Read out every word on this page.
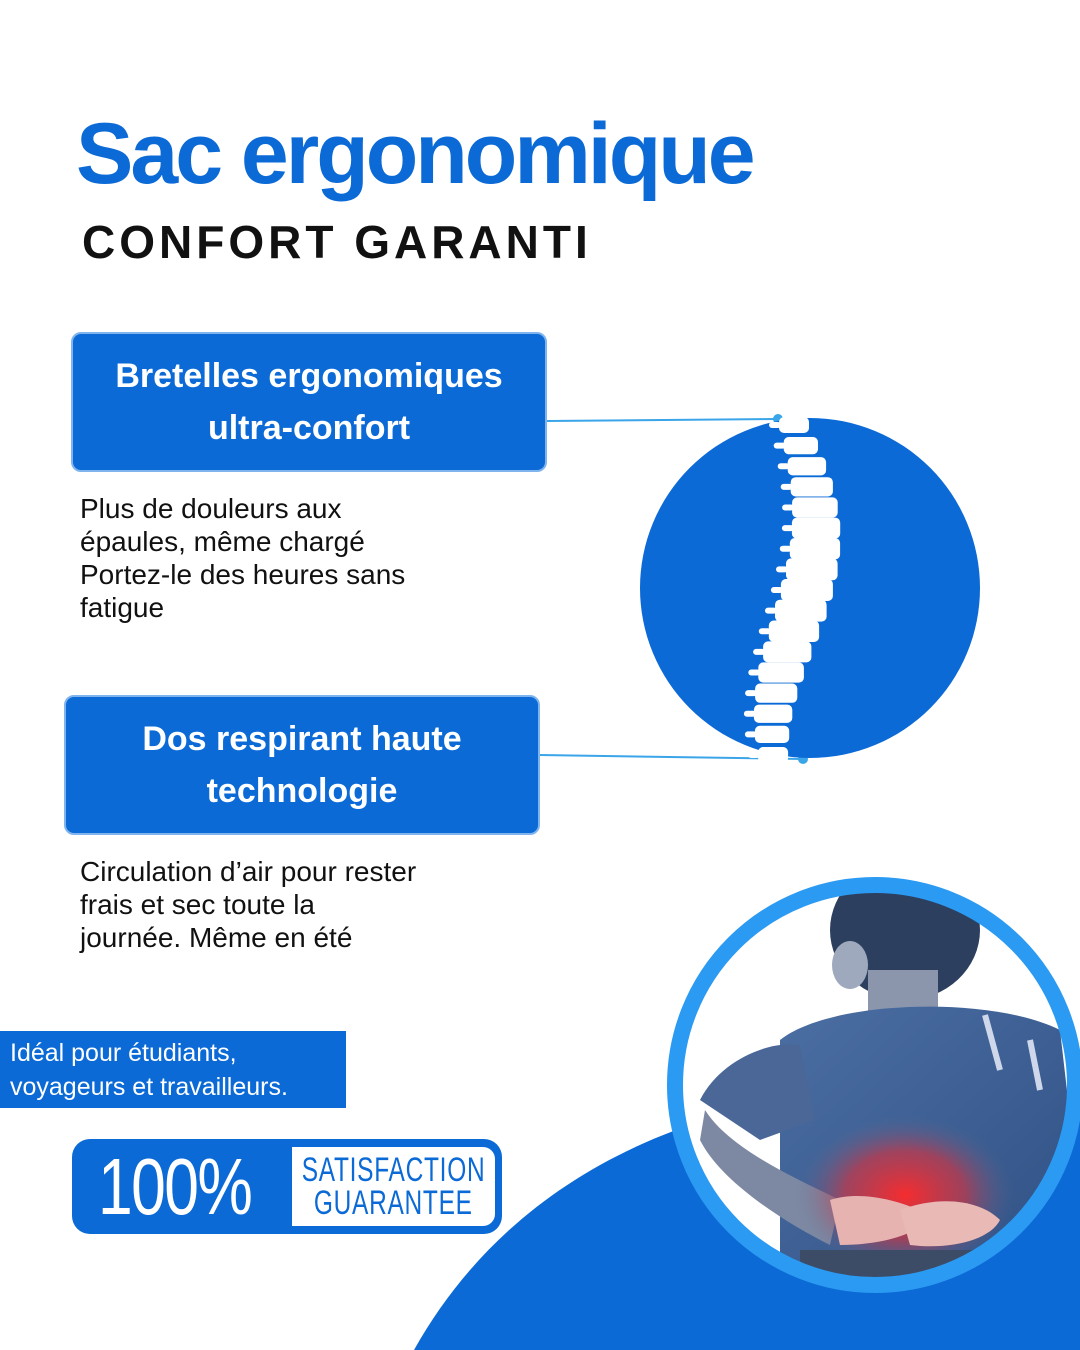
Sac ergonomique
CONFORT GARANTI
Bretelles ergonomiques ultra-confort

Plus de douleurs aux
épaules, même chargé
Portez-le des heures sans
fatigue

Dos respirant haute technologie

Circulation d’air pour rester
frais et sec toute la
journée. Même en été

Idéal pour étudiants,
voyageurs et travailleurs.
100% SATISFACTION
GUARANTEE
